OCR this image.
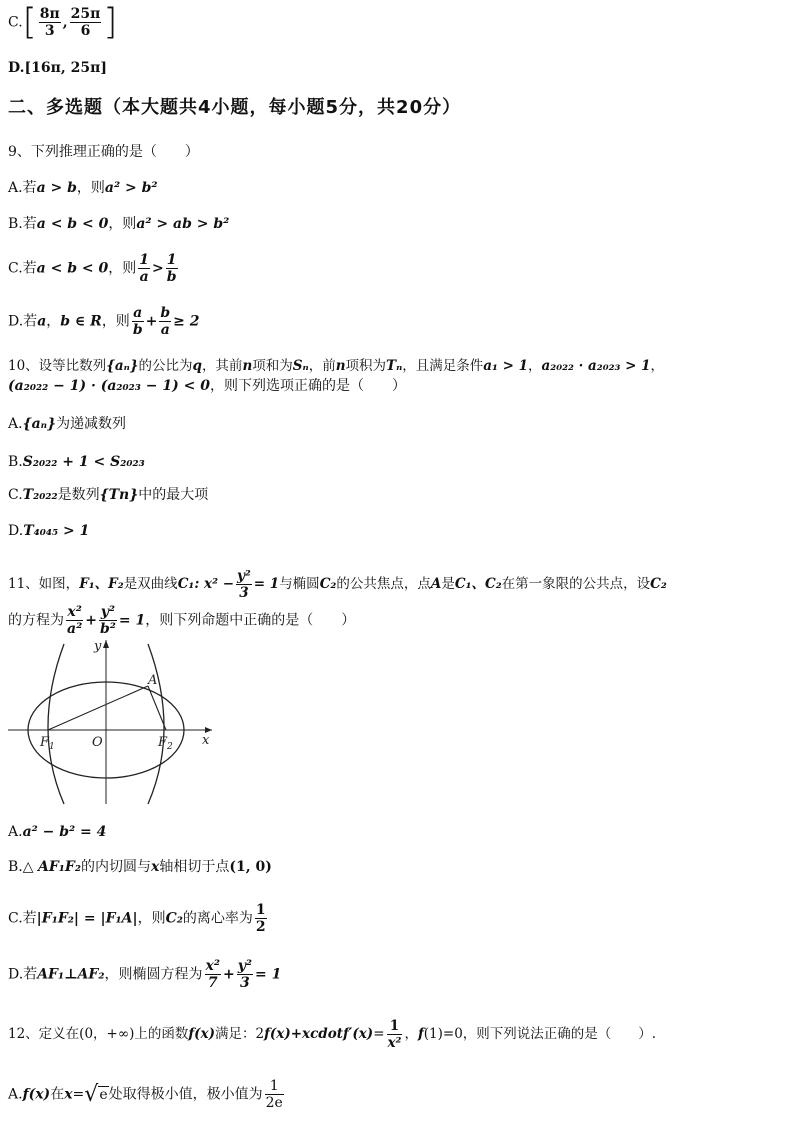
$C.[ \frac{8\pi}{3}$ , $\frac{25\pi}{6}$ ]
D.[16π, 25π]
二、多选题（本大题共4小题，每小题5分，共20分）
9、下列推理正确的是（　　）
A.若a > b，则a² > b²
B.若a < b < 0，则a² > ab > b²
C.若a < b < 0，则 $\frac{1}{a} > \frac{1}{b}$
D.若a，b ∈ R，则 $\frac{a}{b} + \frac{b}{a} \ge 2$
10、设等比数列{aₙ}的公比为q，其前n项和为Sₙ，前n项积为Tₙ，且满足条件a₁ > 1，a₂₀₂₂ · a₂₀₂₃ > 1，
(a₂₀₂₂ − 1) · (a₂₀₂₃ − 1) < 0，则下列选项正确的是（　　）
A.{aₙ}为递减数列
B.S₂₀₂₂ + 1 < S₂₀₂₃
C.T₂₀₂₂是数列{Tn}中的最大项
D.T₄₀₄₅ > 1
11、如图，F₁、F₂是双曲线C₁: $x^2 - \frac{\text{y²}}{3} = 1$与椭圆C₂的公共焦点，点A是C₁、C₂在第一象限的公共点，设C₂
的方程为 $\frac{\text{x²}}{\text{a²}} + \frac{\text{y²}}{\text{b²}} = 1$，则下列命题中正确的是（　　）
y
x
A
O
$F_1$	$F_2$
A.a² − b² = 4
B.△ AF₁F₂的内切圆与x轴相切于点(1, 0)
C.若|F₁F₂| = |F₁A|，则C₂的离心率为 $\frac{1}{2}$
D.若AF₁⊥AF₂，则椭圆方程为 $\frac{\text{x²}}{7} + \frac{\text{y²}}{3} = 1$
12、定义在(0，+∞)上的函数f(x)满足：2f(x)+xcdotf′(x)= $\frac{1}{\text{x²}}$ ，f(1)=0，则下列说法正确的是（　　）.
A.f(x)在x=√e处取得极小值，极小值为 $\frac{1}{2e}$
